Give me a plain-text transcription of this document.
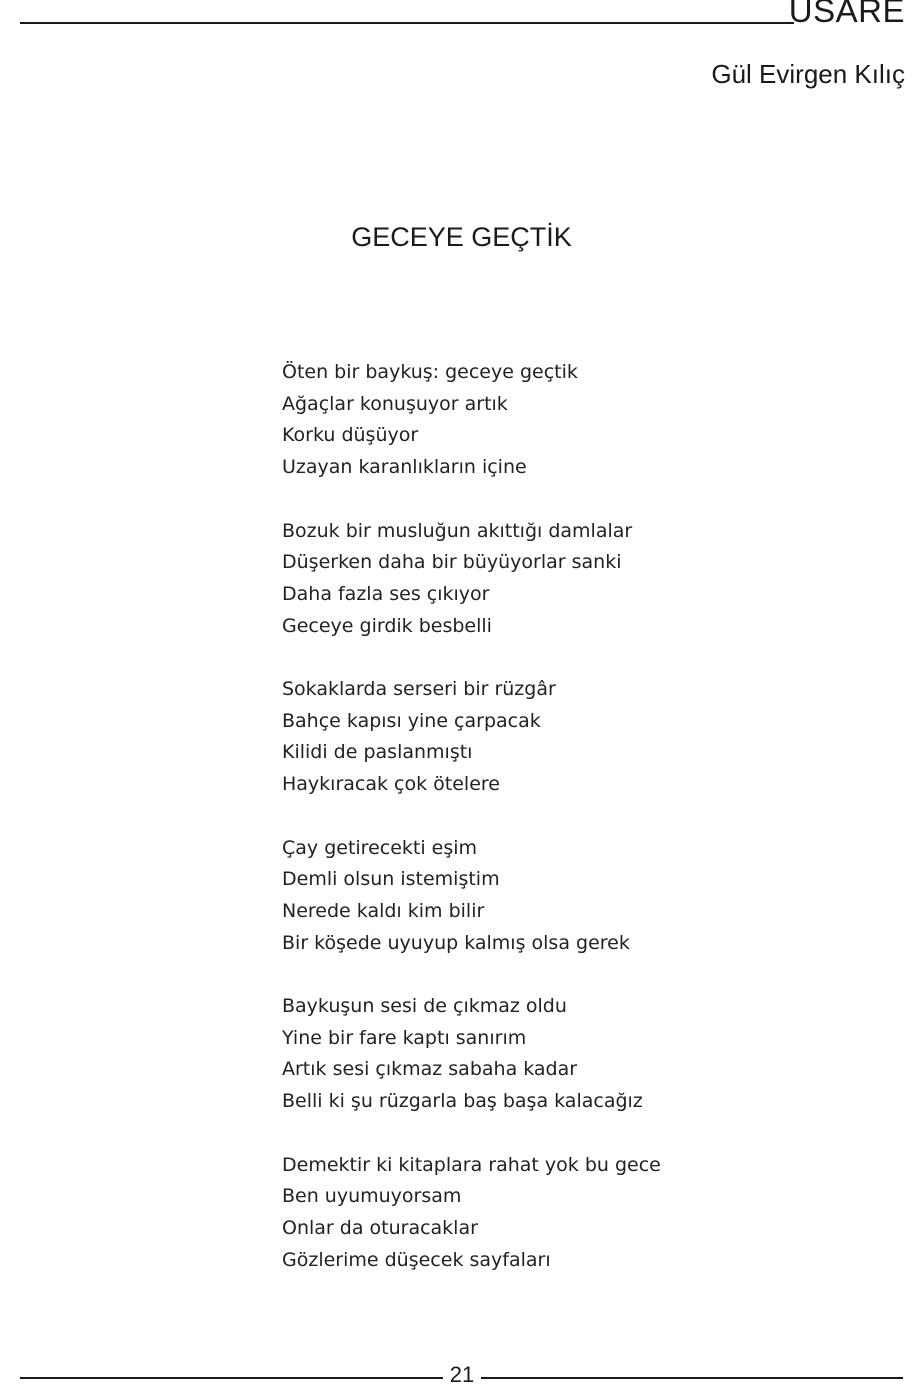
USARE
Gül Evirgen Kılıç
GECEYE GEÇTİK
Öten bir baykuş: geceye geçtik
Ağaçlar konuşuyor artık
Korku düşüyor
Uzayan karanlıkların içine
Bozuk bir musluğun akıttığı damlalar
Düşerken daha bir büyüyorlar sanki
Daha fazla ses çıkıyor
Geceye girdik besbelli
Sokaklarda serseri bir rüzgâr
Bahçe kapısı yine çarpacak
Kilidi de paslanmıştı
Haykıracak çok ötelere
Çay getirecekti eşim
Demli olsun istemiştim
Nerede kaldı kim bilir
Bir köşede uyuyup kalmış olsa gerek
Baykuşun sesi de çıkmaz oldu
Yine bir fare kaptı sanırım
Artık sesi çıkmaz sabaha kadar
Belli ki şu rüzgarla baş başa kalacağız
Demektir ki kitaplara rahat yok bu gece
Ben uyumuyorsam
Onlar da oturacaklar
Gözlerime düşecek sayfaları
21
